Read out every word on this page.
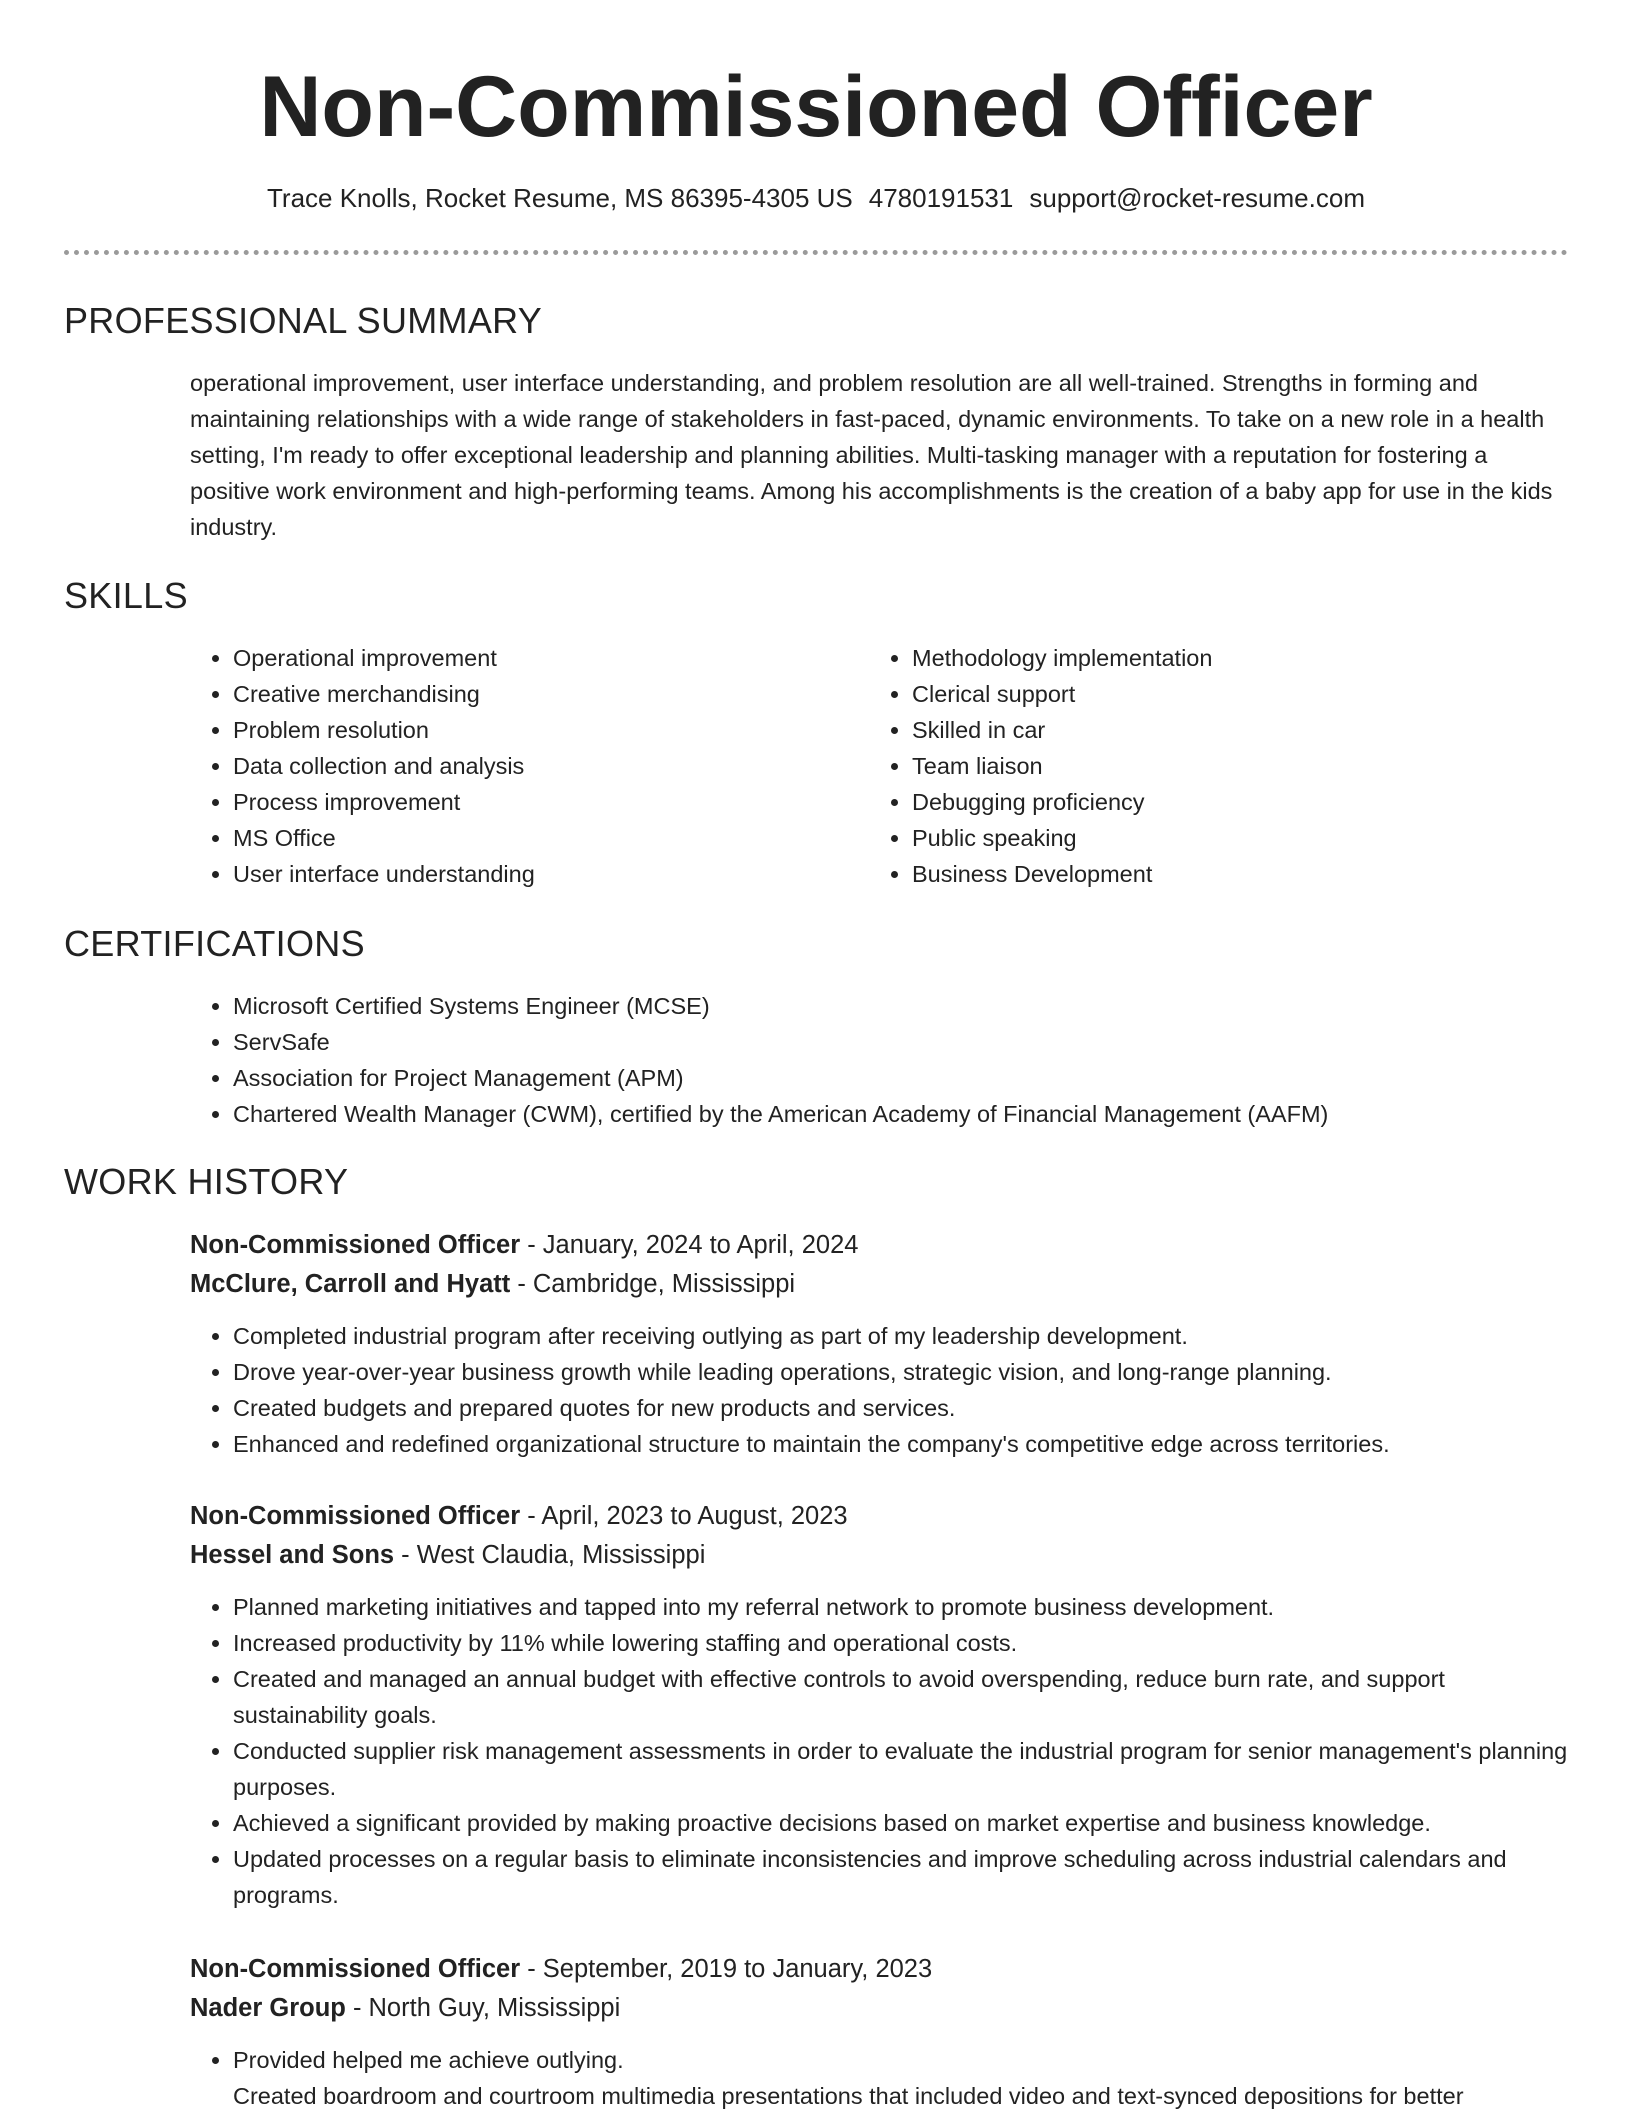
Non-Commissioned Officer
Trace Knolls, Rocket Resume, MS 86395-4305 US 4780191531 support@rocket-resume.com
PROFESSIONAL SUMMARY

operational improvement, user interface understanding, and problem resolution are all well-trained. Strengths in forming and maintaining relationships with a wide range of stakeholders in fast-paced, dynamic environments. To take on a new role in a health setting, I'm ready to offer exceptional leadership and planning abilities. Multi-tasking manager with a reputation for fostering a positive work environment and high-performing teams. Among his accomplishments is the creation of a baby app for use in the kids industry.

SKILLS
• Operational improvement
• Creative merchandising
• Problem resolution
• Data collection and analysis
• Process improvement
• MS Office
• User interface understanding
• Methodology implementation
• Clerical support
• Skilled in car
• Team liaison
• Debugging proficiency
• Public speaking
• Business Development
CERTIFICATIONS
• Microsoft Certified Systems Engineer (MCSE)
• ServSafe
• Association for Project Management (APM)
• Chartered Wealth Manager (CWM), certified by the American Academy of Financial Management (AAFM)
WORK HISTORY
Non-Commissioned Officer - January, 2024 to April, 2024
McClure, Carroll and Hyatt - Cambridge, Mississippi
• Completed industrial program after receiving outlying as part of my leadership development.
• Drove year-over-year business growth while leading operations, strategic vision, and long-range planning.
• Created budgets and prepared quotes for new products and services.
• Enhanced and redefined organizational structure to maintain the company's competitive edge across territories.
Non-Commissioned Officer - April, 2023 to August, 2023
Hessel and Sons - West Claudia, Mississippi
• Planned marketing initiatives and tapped into my referral network to promote business development.
• Increased productivity by 11% while lowering staffing and operational costs.
• Created and managed an annual budget with effective controls to avoid overspending, reduce burn rate, and support sustainability goals.
• Conducted supplier risk management assessments in order to evaluate the industrial program for senior management's planning purposes.
• Achieved a significant provided by making proactive decisions based on market expertise and business knowledge.
• Updated processes on a regular basis to eliminate inconsistencies and improve scheduling across industrial calendars and programs.
Non-Commissioned Officer - September, 2019 to January, 2023
Nader Group - North Guy, Mississippi
• Provided helped me achieve outlying.
• Created boardroom and courtroom multimedia presentations that included video and text-synced depositions for better
